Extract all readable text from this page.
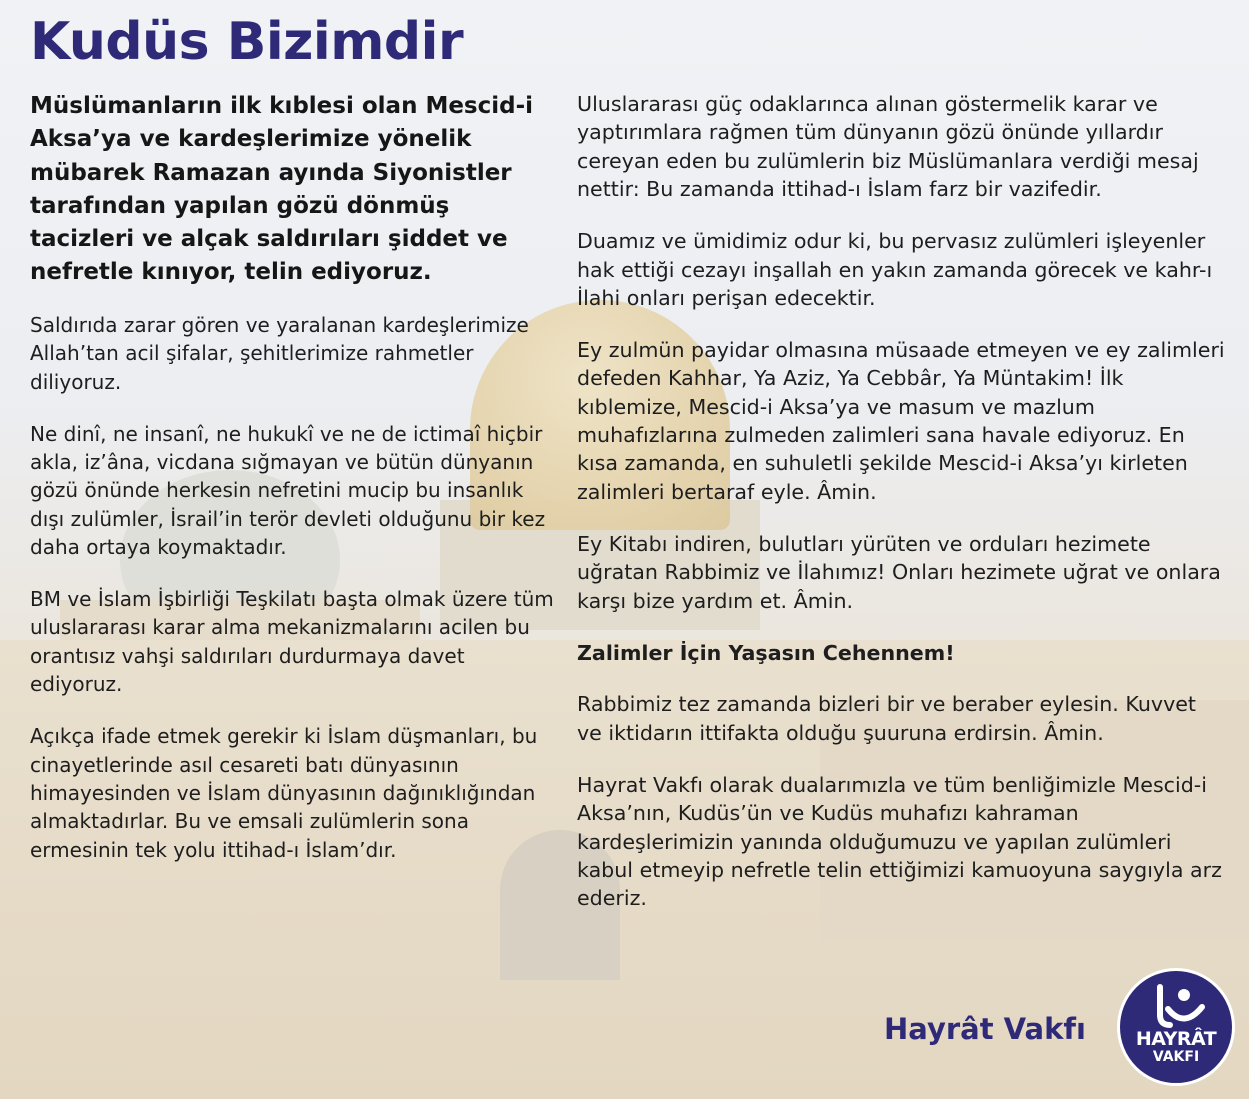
Kudüs Bizimdir

Müslümanların ilk kıblesi olan Mescid-i Aksa’ya ve kardeşlerimize yönelik mübarek Ramazan ayında Siyonistler tarafından yapılan gözü dönmüş tacizleri ve alçak saldırıları şiddet ve nefretle kınıyor, telin ediyoruz.

Saldırıda zarar gören ve yaralanan kardeşlerimize Allah’tan acil şifalar, şehitlerimize rahmetler diliyoruz.

Ne dinî, ne insanî, ne hukukî ve ne de ictimaî hiçbir akla, iz’âna, vicdana sığmayan ve bütün dünyanın gözü önünde herkesin nefretini mucip bu insanlık dışı zulümler, İsrail’in terör devleti olduğunu bir kez daha ortaya koymaktadır.

BM ve İslam İşbirliği Teşkilatı başta olmak üzere tüm uluslararası karar alma mekanizmalarını acilen bu orantısız vahşi saldırıları durdurmaya davet ediyoruz.

Açıkça ifade etmek gerekir ki İslam düşmanları, bu cinayetlerinde asıl cesareti batı dünyasının himayesinden ve İslam dünyasının dağınıklığından almaktadırlar. Bu ve emsali zulümlerin sona ermesinin tek yolu ittihad-ı İslam’dır.

Uluslararası güç odaklarınca alınan göstermelik karar ve yaptırımlara rağmen tüm dünyanın gözü önünde yıllardır cereyan eden bu zulümlerin biz Müslümanlara verdiği mesaj nettir: Bu zamanda ittihad-ı İslam farz bir vazifedir.

Duamız ve ümidimiz odur ki, bu pervasız zulümleri işleyenler hak ettiği cezayı inşallah en yakın zamanda görecek ve kahr-ı İlahi onları perişan edecektir.

Ey zulmün payidar olmasına müsaade etmeyen ve ey zalimleri defeden Kahhar, Ya Aziz, Ya Cebbâr, Ya Müntakim! İlk kıblemize, Mescid-i Aksa’ya ve masum ve mazlum muhafızlarına zulmeden zalimleri sana havale ediyoruz. En kısa zamanda, en suhuletli şekilde Mescid-i Aksa’yı kirleten zalimleri bertaraf eyle. Âmin.

Ey Kitabı indiren, bulutları yürüten ve orduları hezimete uğratan Rabbimiz ve İlahımız! Onları hezimete uğrat ve onlara karşı bize yardım et. Âmin.

Zalimler İçin Yaşasın Cehennem!

Rabbimiz tez zamanda bizleri bir ve beraber eylesin. Kuvvet ve iktidarın ittifakta olduğu şuuruna erdirsin. Âmin.

Hayrat Vakfı olarak dualarımızla ve tüm benliğimizle Mescid-i Aksa’nın, Kudüs’ün ve Kudüs muhafızı kahraman kardeşlerimizin yanında olduğumuzu ve yapılan zulümleri kabul etmeyip nefretle telin ettiğimizi kamuoyuna saygıyla arz ederiz.

Hayrât Vakfı	HAYRÂT
VAKFI
